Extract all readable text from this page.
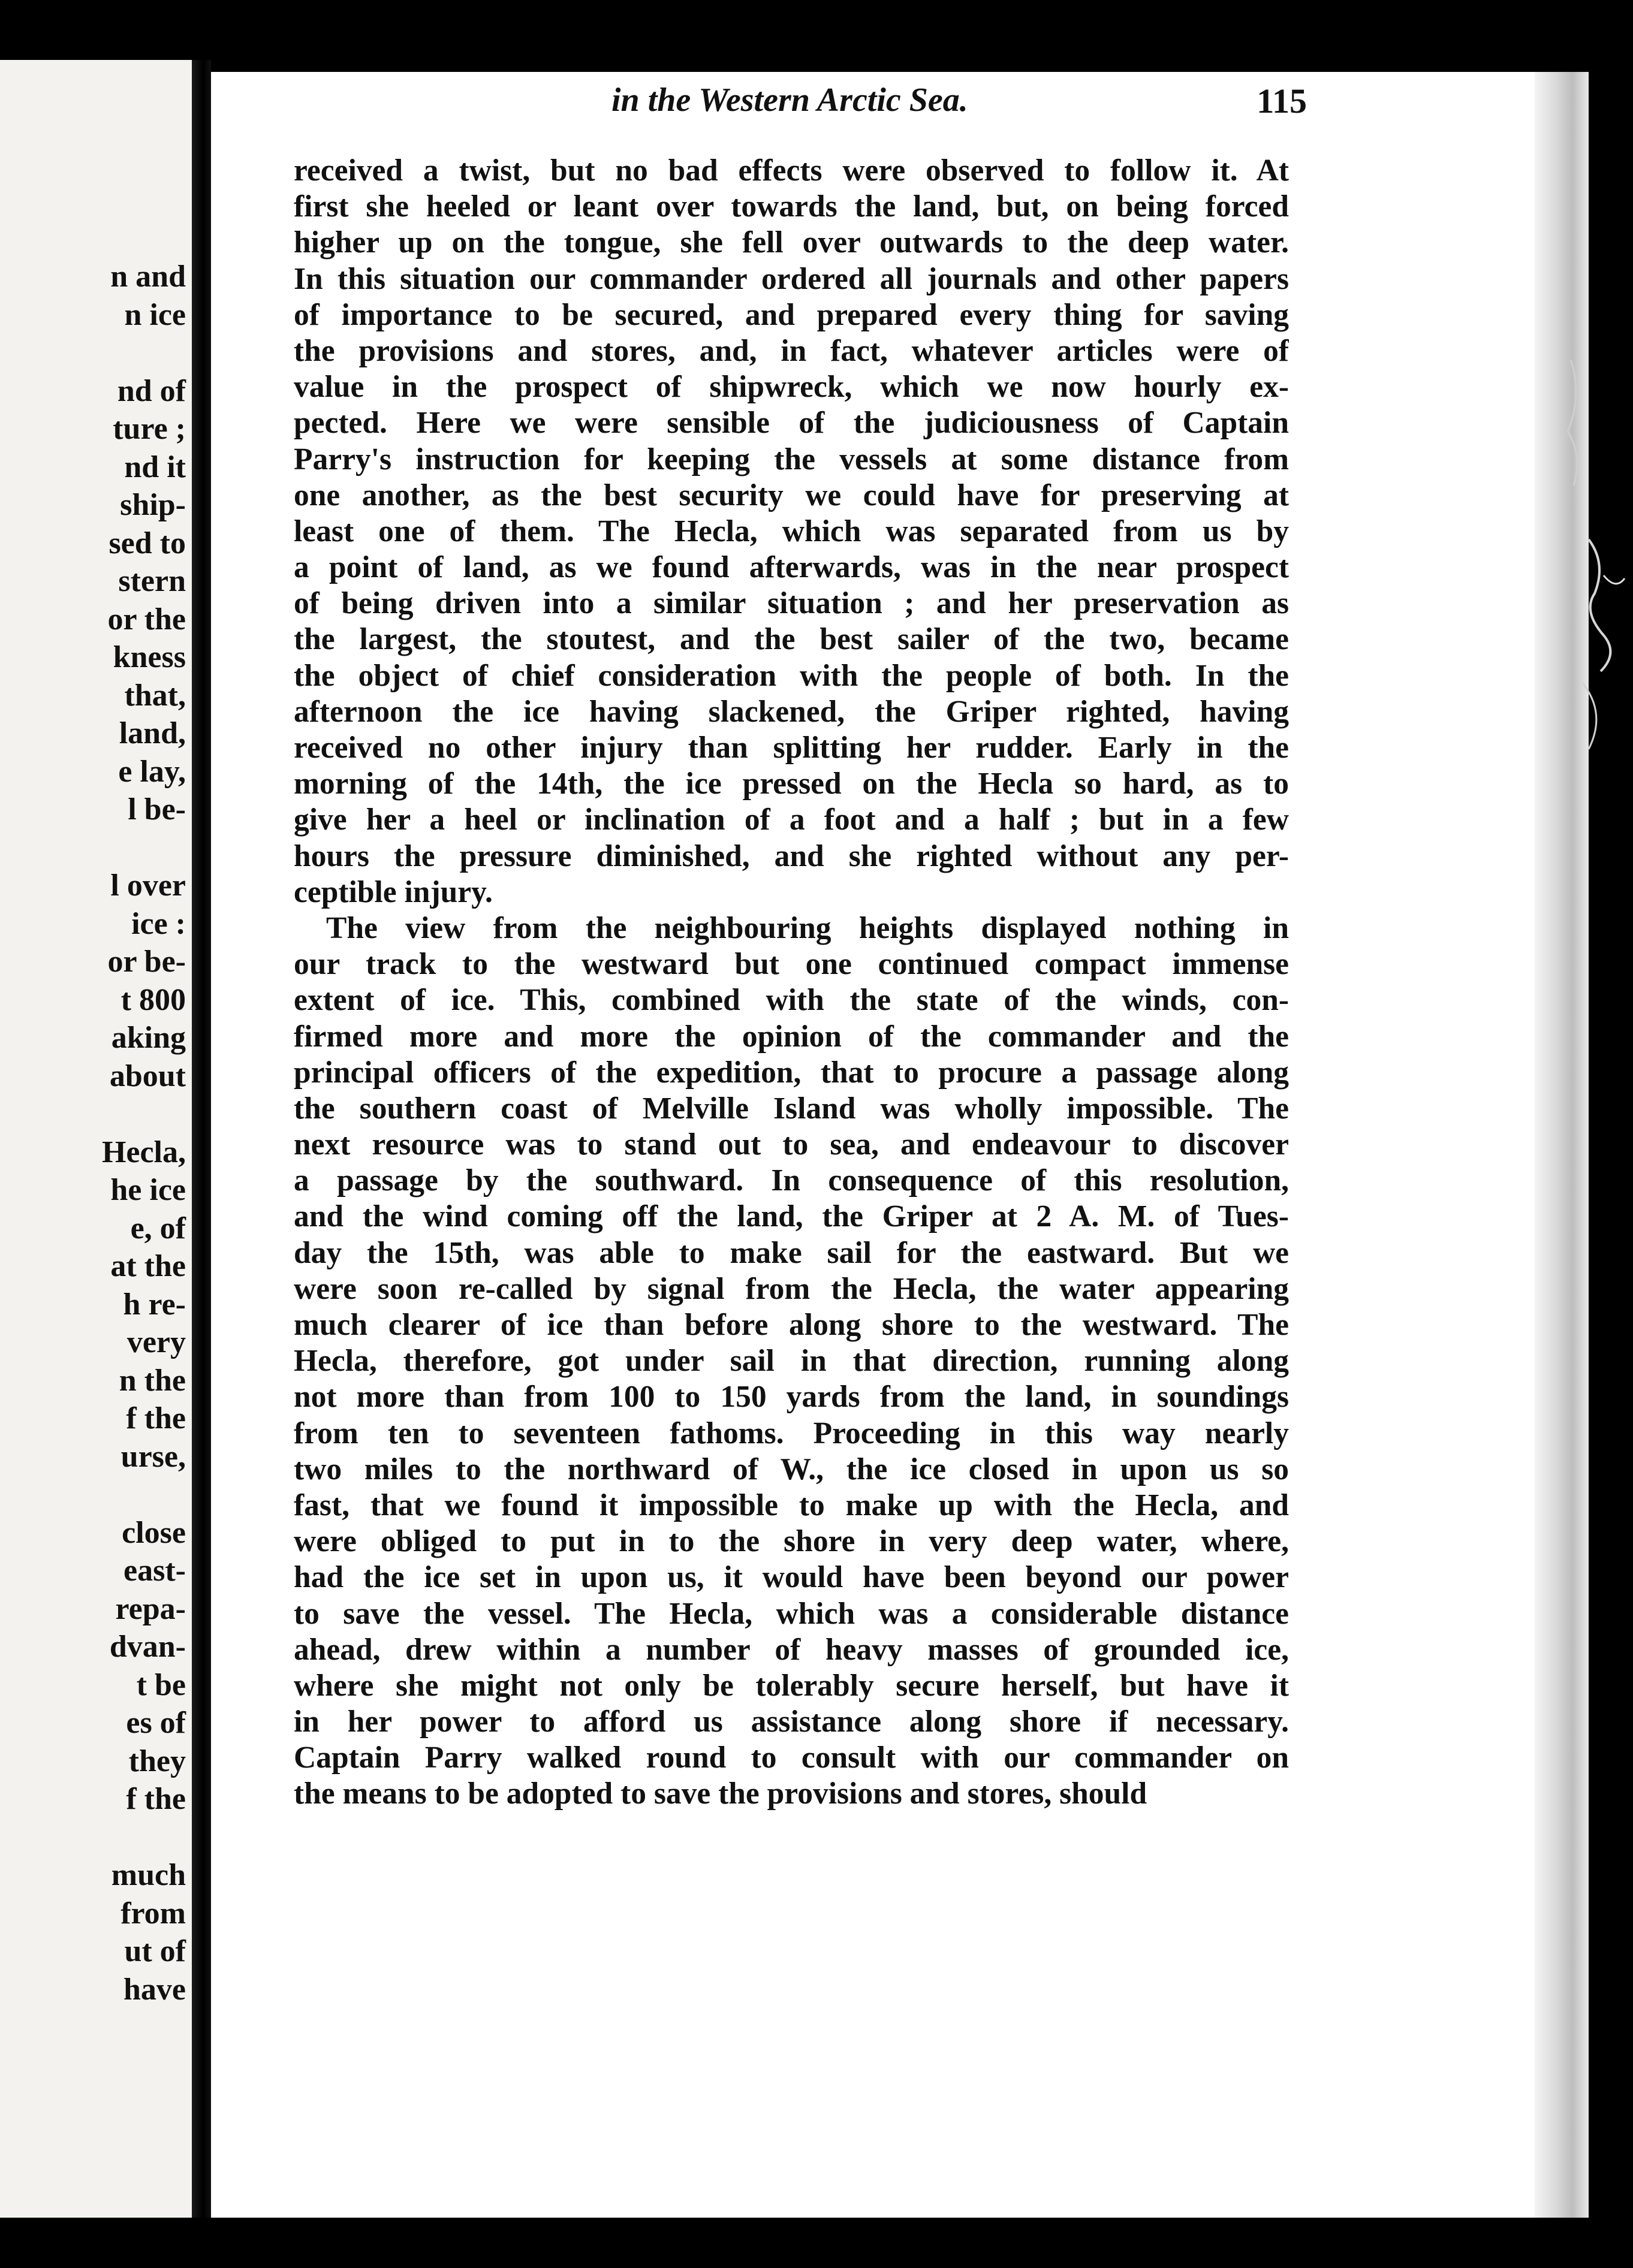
n and
n ice
nd of
ture ;
nd it
ship-
sed to
stern
or the
kness
that,
land,
e lay,
l be-
l over
ice :
or be-
t 800
aking
about
Hecla,
he ice
e, of
at the
h re-
very
n the
f the
urse,
close
east-
repa-
dvan-
t be
es of
they
f the
much
from
ut of
have
in the Western Arctic Sea.	115
received a twist, but no bad effects were observed to follow it. At
first she heeled or leant over towards the land, but, on being forced
higher up on the tongue, she fell over outwards to the deep water.
In this situation our commander ordered all journals and other papers
of importance to be secured, and prepared every thing for saving
the provisions and stores, and, in fact, whatever articles were of
value in the prospect of shipwreck, which we now hourly ex-
pected. Here we were sensible of the judiciousness of Captain
Parry's instruction for keeping the vessels at some distance from
one another, as the best security we could have for preserving at
least one of them. The Hecla, which was separated from us by
a point of land, as we found afterwards, was in the near prospect
of being driven into a similar situation ; and her preservation as
the largest, the stoutest, and the best sailer of the two, became
the object of chief consideration with the people of both. In the
afternoon the ice having slackened, the Griper righted, having
received no other injury than splitting her rudder. Early in the
morning of the 14th, the ice pressed on the Hecla so hard, as to
give her a heel or inclination of a foot and a half ; but in a few
hours the pressure diminished, and she righted without any per-
ceptible injury.
The view from the neighbouring heights displayed nothing in
our track to the westward but one continued compact immense
extent of ice. This, combined with the state of the winds, con-
firmed more and more the opinion of the commander and the
principal officers of the expedition, that to procure a passage along
the southern coast of Melville Island was wholly impossible. The
next resource was to stand out to sea, and endeavour to discover
a passage by the southward. In consequence of this resolution,
and the wind coming off the land, the Griper at 2 A. M. of Tues-
day the 15th, was able to make sail for the eastward. But we
were soon re-called by signal from the Hecla, the water appearing
much clearer of ice than before along shore to the westward. The
Hecla, therefore, got under sail in that direction, running along
not more than from 100 to 150 yards from the land, in soundings
from ten to seventeen fathoms. Proceeding in this way nearly
two miles to the northward of W., the ice closed in upon us so
fast, that we found it impossible to make up with the Hecla, and
were obliged to put in to the shore in very deep water, where,
had the ice set in upon us, it would have been beyond our power
to save the vessel. The Hecla, which was a considerable distance
ahead, drew within a number of heavy masses of grounded ice,
where she might not only be tolerably secure herself, but have it
in her power to afford us assistance along shore if necessary.
Captain Parry walked round to consult with our commander on
the means to be adopted to save the provisions and stores, should
